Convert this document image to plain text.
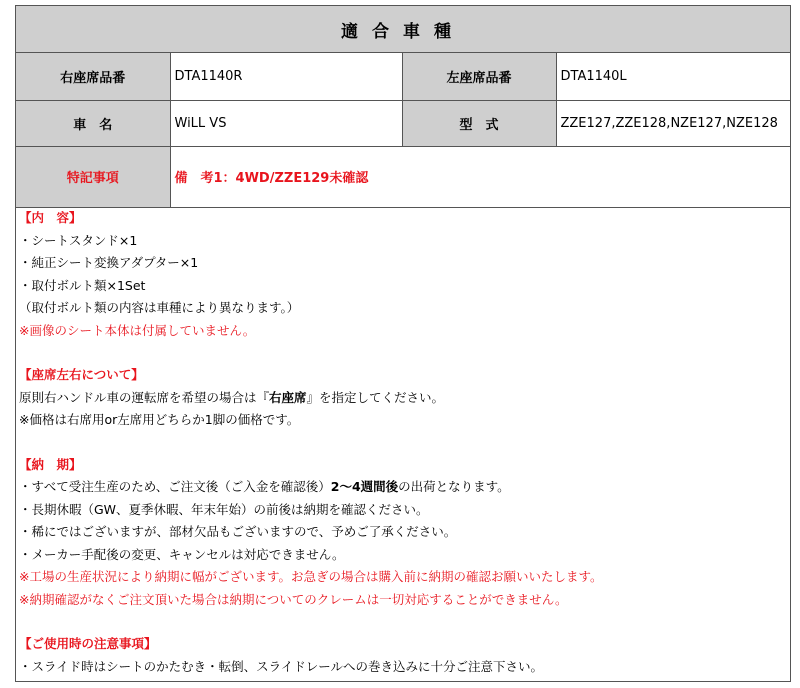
適合車種
右座席品番	DTA1140R	左座席品番	DTA1140L
車　名	WiLL VS	型　式	ZZE127,ZZE128,NZE127,NZE128
特記事項	備　考1：4WD/ZZE129未確認		
【内　容】
・シートスタンド×1
・純正シート変換アダプター×1
・取付ボルト類×1Set
（取付ボルト類の内容は車種により異なります。）
※画像のシート本体は付属していません。
【座席左右について】
原則右ハンドル車の運転席を希望の場合は『右座席』を指定してください。
※価格は右席用or左席用どちらか1脚の価格です。
【納　期】
・すべて受注生産のため、ご注文後（ご入金を確認後）2〜4週間後の出荷となります。
・長期休暇（GW、夏季休暇、年末年始）の前後は納期を確認ください。
・稀にではございますが、部材欠品もございますので、予めご了承ください。
・メーカー手配後の変更、キャンセルは対応できません。
※工場の生産状況により納期に幅がございます。お急ぎの場合は購入前に納期の確認お願いいたします。
※納期確認がなくご注文頂いた場合は納期についてのクレームは一切対応することができません。
【ご使用時の注意事項】
・スライド時はシートのかたむき・転倒、スライドレールへの巻き込みに十分ご注意下さい。
